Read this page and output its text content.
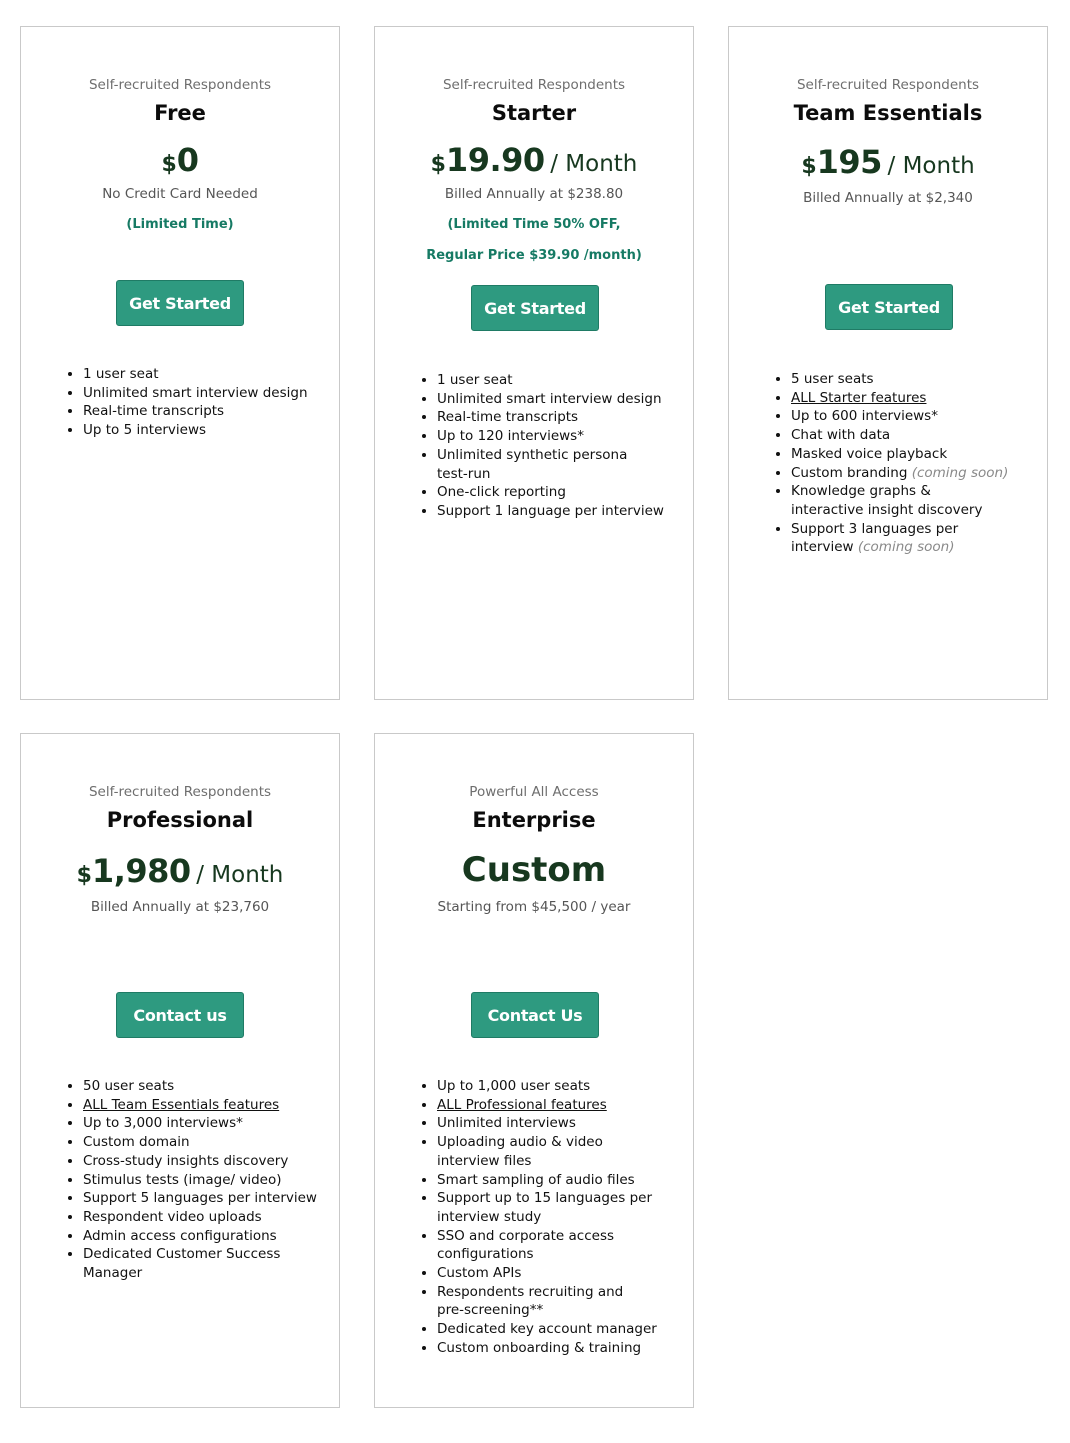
Self-recruited Respondents
Free
$0
No Credit Card Needed
(Limited Time)
Get Started
• 1 user seat
• Unlimited smart interview design
• Real-time transcripts
• Up to 5 interviews
Self-recruited Respondents
Starter
$19.90 / Month
Billed Annually at $238.80
(Limited Time 50% OFF,
Regular Price $39.90 /month)
Get Started
• 1 user seat
• Unlimited smart interview design
• Real-time transcripts
• Up to 120 interviews*
• Unlimited synthetic persona test-run
• One-click reporting
• Support 1 language per interview
Self-recruited Respondents
Team Essentials
$195 / Month
Billed Annually at $2,340
Get Started
• 5 user seats
• ALL Starter features
• Up to 600 interviews*
• Chat with data
• Masked voice playback
• Custom branding (coming soon)
• Knowledge graphs & interactive insight discovery
• Support 3 languages per interview (coming soon)
Self-recruited Respondents
Professional
$1,980 / Month
Billed Annually at $23,760
Contact us
• 50 user seats
• ALL Team Essentials features
• Up to 3,000 interviews*
• Custom domain
• Cross-study insights discovery
• Stimulus tests (image/ video)
• Support 5 languages per interview
• Respondent video uploads
• Admin access configurations
• Dedicated Customer Success Manager
Powerful All Access
Enterprise
Custom
Starting from $45,500 / year
Contact Us
• Up to 1,000 user seats
• ALL Professional features
• Unlimited interviews
• Uploading audio & video interview files
• Smart sampling of audio files
• Support up to 15 languages per interview study
• SSO and corporate access configurations
• Custom APIs
• Respondents recruiting and pre-screening**
• Dedicated key account manager
• Custom onboarding & training
